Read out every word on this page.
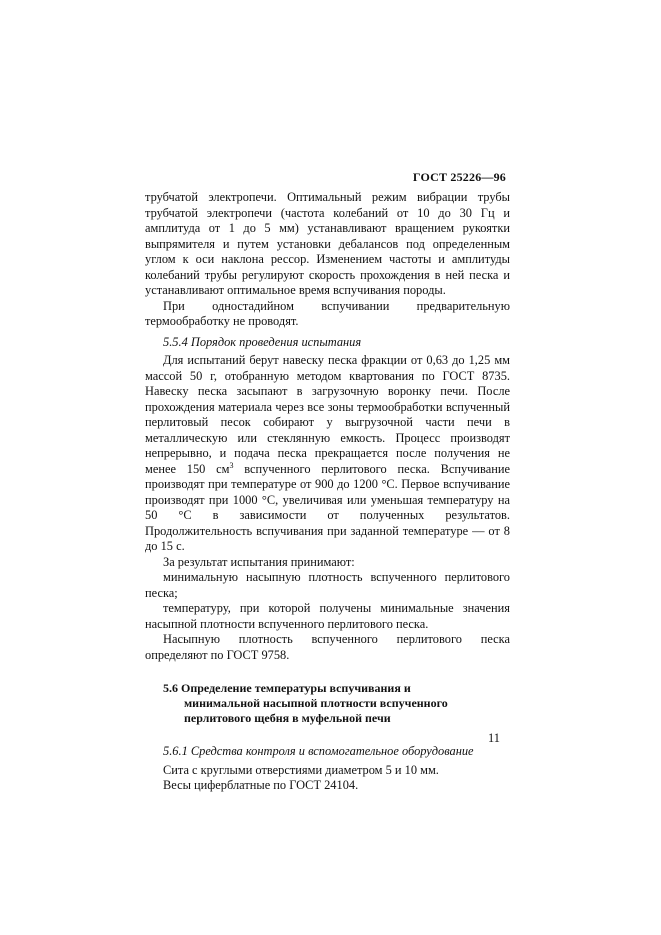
ГОСТ 25226—96

трубчатой электропечи. Оптимальный режим вибрации трубы трубчатой электропечи (частота колебаний от 10 до 30 Гц и амплитуда от 1 до 5 мм) устанавливают вращением рукоятки выпрямителя и путем установки дебалансов под определенным углом к оси наклона рессор. Изменением частоты и амплитуды колебаний трубы регулируют скорость прохождения в ней песка и устанавливают оптимальное время вспучивания породы.

При одностадийном вспучивании предварительную термообработку не проводят.

5.5.4 Порядок проведения испытания

Для испытаний берут навеску песка фракции от 0,63 до 1,25 мм массой 50 г, отобранную методом квартования по ГОСТ 8735. Навеску песка засыпают в загрузочную воронку печи. После прохождения материала через все зоны термообработки вспученный перлитовый песок собирают у выгрузочной части печи в металлическую или стеклянную емкость. Процесс производят непрерывно, и подача песка прекращается после получения не менее 150 $см^3$ вспученного перлитового песка. Вспучивание производят при температуре от 900 до 1200 °С. Первое вспучивание производят при 1000 °С, увеличивая или уменьшая температуру на 50 °С в зависимости от полученных результатов. Продолжительность вспучивания при заданной температуре — от 8 до 15 с.

За результат испытания принимают:

минимальную насыпную плотность вспученного перлитового песка;

температуру, при которой получены минимальные значения насыпной плотности вспученного перлитового песка.

Насыпную плотность вспученного перлитового песка определяют по ГОСТ 9758.

5.6 Определение температуры вспучивания и
минимальной насыпной плотности вспученного
перлитового щебня в муфельной печи

5.6.1 Средства контроля и вспомогательное оборудование

Сита с круглыми отверстиями диаметром 5 и 10 мм.

Весы циферблатные по ГОСТ 24104.

11
